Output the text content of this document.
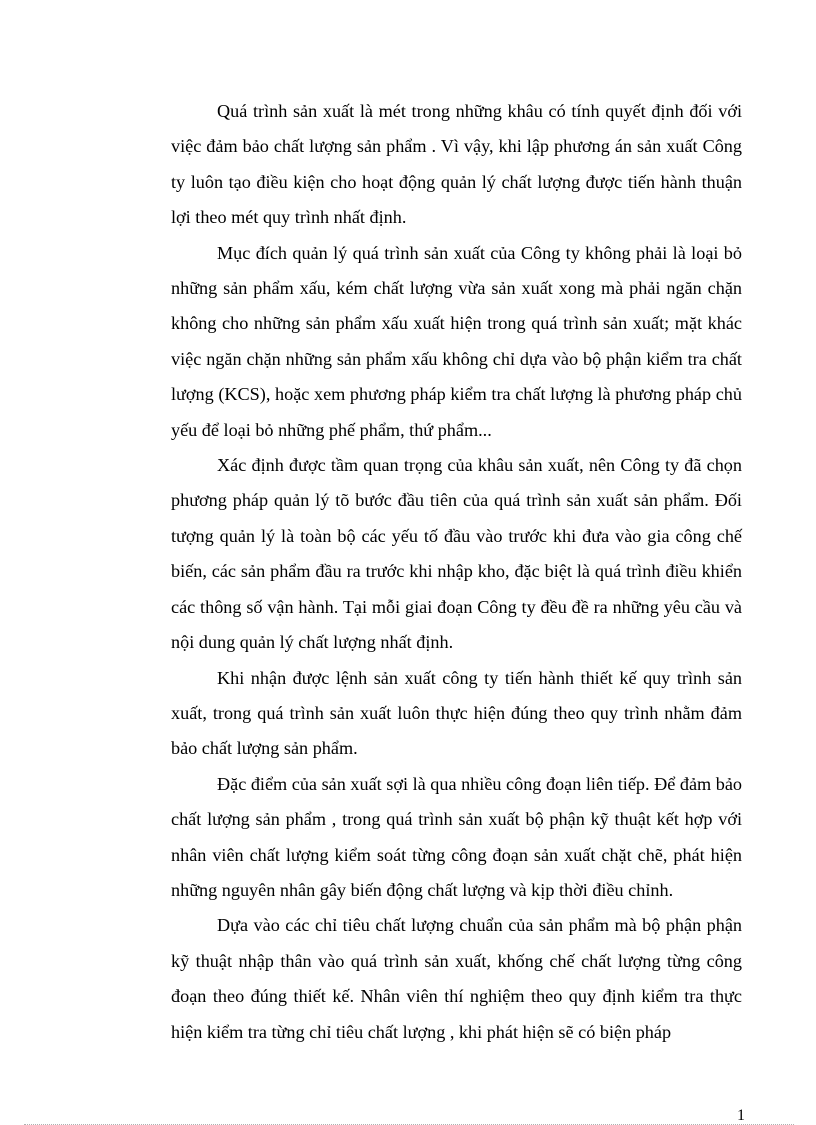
Quá trình sản xuất là mét trong những khâu có tính quyết định đối với việc đảm bảo chất lượng sản phẩm . Vì vậy, khi lập phương án sản xuất Công ty luôn tạo điều kiện cho hoạt động quản lý chất lượng được tiến hành thuận lợi theo mét quy trình nhất định.

Mục đích quản lý quá trình sản xuất của Công ty không phải là loại bỏ những sản phẩm xấu, kém chất lượng vừa sản xuất xong mà phải ngăn chặn không cho những sản phẩm xấu xuất hiện trong quá trình sản xuất; mặt khác việc ngăn chặn những sản phẩm xấu không chỉ dựa vào bộ phận kiểm tra chất lượng (KCS), hoặc xem phương pháp kiểm tra chất lượng là phương pháp chủ yếu để loại bỏ những phế phẩm, thứ phẩm...

Xác định được tầm quan trọng của khâu sản xuất, nên Công ty đã chọn phương pháp quản lý tõ bước đầu tiên của quá trình sản xuất sản phẩm. Đối tượng quản lý là toàn bộ các yếu tố đầu vào trước khi đưa vào gia công chế biến, các sản phẩm đầu ra trước khi nhập kho, đặc biệt là quá trình điều khiển các thông số vận hành. Tại mỗi giai đoạn Công ty đều đề ra những yêu cầu và nội dung quản lý chất lượng nhất định.

Khi nhận được lệnh sản xuất công ty tiến hành thiết kế quy trình sản xuất, trong quá trình sản xuất luôn thực hiện đúng theo quy trình nhằm đảm bảo chất lượng sản phẩm.

Đặc điểm của sản xuất sợi là qua nhiều công đoạn liên tiếp. Để đảm bảo chất lượng sản phẩm , trong quá trình sản xuất bộ phận kỹ thuật kết hợp với nhân viên chất lượng kiểm soát từng công đoạn sản xuất chặt chẽ, phát hiện những nguyên nhân gây biến động chất lượng và kịp thời điều chỉnh.

Dựa vào các chỉ tiêu chất lượng chuẩn của sản phẩm mà bộ phận phận kỹ thuật nhập thân vào quá trình sản xuất, khống chế chất lượng từng công đoạn theo đúng thiết kế. Nhân viên thí nghiệm theo quy định kiểm tra thực hiện kiểm tra từng chỉ tiêu chất lượng , khi phát hiện sẽ có biện pháp

1
